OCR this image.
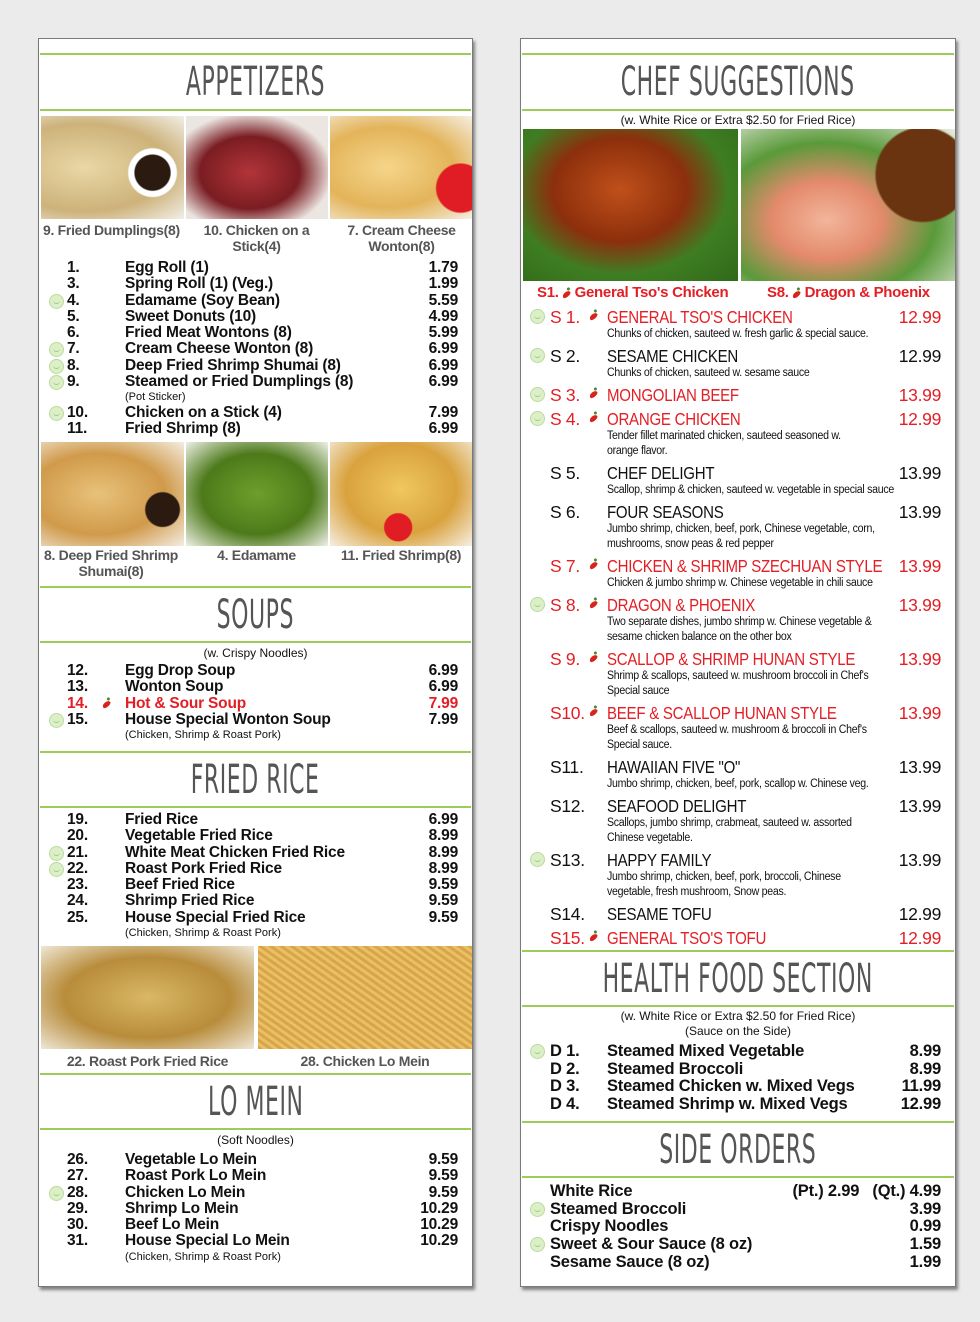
APPETIZERS
9. Fried Dumplings(8)	10. Chicken on a Stick(4)
7. Cream Cheese Wonton(8)
1.	Egg Roll (1)	1.79
3.	Spring Roll (1) (Veg.)	1.99
4.	Edamame (Soy Bean)	5.59
5.	Sweet Donuts (10)	4.99
6.	Fried Meat Wontons (8)	5.99
7.	Cream Cheese Wonton (8)	6.99
8.	Deep Fried Shrimp Shumai (8)	6.99
9.	Steamed or Fried Dumplings (8)	6.99
(Pot Sticker)
10. Chicken on a Stick (4)	7.99
11. Fried Shrimp (8)	6.99
8. Deep Fried Shrimp Shumai(8)
4. Edamame	11. Fried Shrimp(8)
SOUPS
(w. Crispy Noodles)
12. Egg Drop Soup	6.99
13. Wonton Soup	6.99
14. Hot & Sour Soup	7.99
15. House Special Wonton Soup	7.99
(Chicken, Shrimp & Roast Pork)
FRIED RICE
19. Fried Rice	6.99
20. Vegetable Fried Rice	8.99
21. White Meat Chicken Fried Rice	8.99
22. Roast Pork Fried Rice	8.99
23. Beef Fried Rice	9.59
24. Shrimp Fried Rice	9.59
25. House Special Fried Rice	9.59
(Chicken, Shrimp & Roast Pork)
22. Roast Pork Fried Rice	28. Chicken Lo Mein
LO MEIN
(Soft Noodles)
26. Vegetable Lo Mein	9.59
27. Roast Pork Lo Mein	9.59
28. Chicken Lo Mein	9.59
29. Shrimp Lo Mein	10.29
30. Beef Lo Mein	10.29
31. House Special Lo Mein	10.29
(Chicken, Shrimp & Roast Pork)
CHEF SUGGESTIONS
(w. White Rice or Extra $2.50 for Fried Rice)
S1. General Tso's Chicken	S8. Dragon & Phoenix
S 1. GENERAL TSO'S CHICKEN	12.99
Chunks of chicken, sauteed w. fresh garlic & special sauce.
S 2. SESAME CHICKEN	12.99
Chunks of chicken, sauteed w. sesame sauce
S 3. MONGOLIAN BEEF	13.99
S 4. ORANGE CHICKEN	12.99
Tender fillet marinated chicken, sauteed seasoned w.
orange flavor.
S 5. CHEF DELIGHT	13.99
Scallop, shrimp & chicken, sauteed w. vegetable in special sauce
S 6. FOUR SEASONS	13.99
Jumbo shrimp, chicken, beef, pork, Chinese vegetable, corn,
mushrooms, snow peas & red pepper
S 7. CHICKEN & SHRIMP SZECHUAN STYLE 13.99
Chicken & jumbo shrimp w. Chinese vegetable in chili sauce
S 8. DRAGON & PHOENIX	13.99
Two separate dishes, jumbo shrimp w. Chinese vegetable &
sesame chicken balance on the other box
S 9. SCALLOP & SHRIMP HUNAN STYLE	13.99
Shrimp & scallops, sauteed w. mushroom broccoli in Chef's
Special sauce
S10. BEEF & SCALLOP HUNAN STYLE	13.99
Beef & scallops, sauteed w. mushroom & broccoli in Chef's
Special sauce.
S11. HAWAIIAN FIVE "O"	13.99
Jumbo shrimp, chicken, beef, pork, scallop w. Chinese veg.
S12. SEAFOOD DELIGHT	13.99
Scallops, jumbo shrimp, crabmeat, sauteed w. assorted
Chinese vegetable.
S13. HAPPY FAMILY	13.99
Jumbo shrimp, chicken, beef, pork, broccoli, Chinese
vegetable, fresh mushroom, Snow peas.
S14. SESAME TOFU	12.99
S15. GENERAL TSO'S TOFU	12.99
HEALTH FOOD SECTION
(w. White Rice or Extra $2.50 for Fried Rice)
(Sauce on the Side)
D 1. Steamed Mixed Vegetable	8.99
D 2. Steamed Broccoli	8.99
D 3. Steamed Chicken w. Mixed Vegs	11.99
D 4. Steamed Shrimp w. Mixed Vegs	12.99
SIDE ORDERS
White Rice	(Pt.) 2.99   (Qt.) 4.99
Steamed Broccoli	3.99
Crispy Noodles	0.99
Sweet & Sour Sauce (8 oz)	1.59
Sesame Sauce (8 oz)	1.99
